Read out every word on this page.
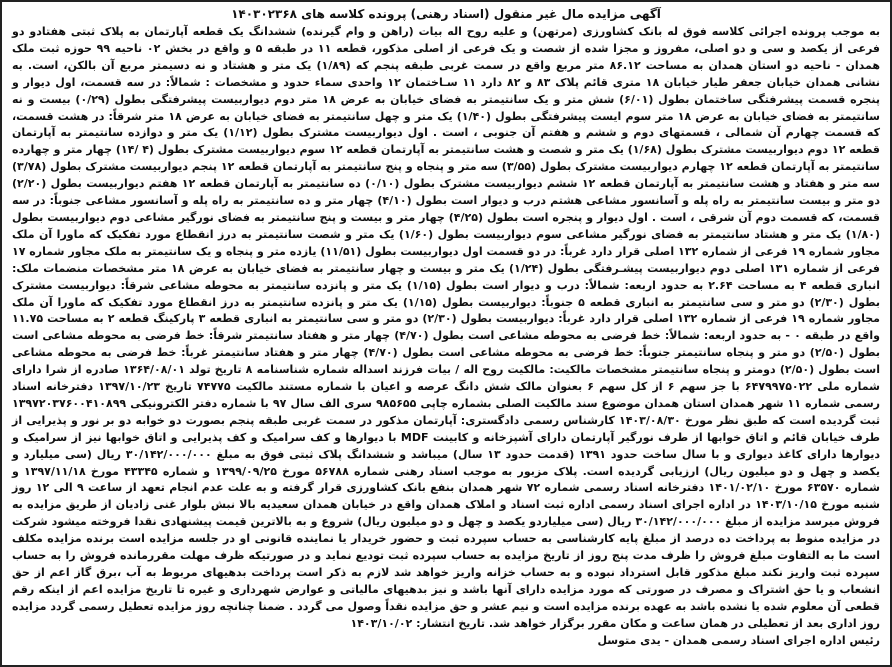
آگهی مزایده مال غیر منقول (اسناد رهنی) پرونده کلاسه های ۱۴۰۳۰۲۳۶۸

به موجب پرونده اجرائی کلاسه فوق له بانک کشاورزی (مرتهن) و علیه روح اله بیات (راهن و وام گیرنده) ششدانگ یک قطعه آپارتمان به پلاک ثبتی هفتادو دو فرعی از یکصد و سی و دو اصلی، مفروز و مجزا شده از شصت و یک فرعی از اصلی مذکور، قطعه ۱۱ در طبقه ۵ و واقع در بخش ۰۲ ناحیه ۹۹ حوزه ثبت ملک همدان - ناحیه دو استان همدان به مساحت ۸۶.۱۲ متر مربع واقع در سمت غربی طبقه پنجم که (۱/۸۹) یک متر و هشتاد و نه دسیمتر مربع آن بالکن، است. به نشانی همدان خیابان جعفر طیار خیابان ۱۸ متری قائم پلاک ۸۳ و ۸۲ دارد ۱۱ سـاختمان ۱۲ واحدی سماء حدود و مشخصات : شمالاً: در سه قسمت، اول دیوار و پنجره قسمت پیشرفتگی ساختمان بطول (۶/۰۱) شش متر و یک سانتیمتر به فضای خیابان به عرض ۱۸ متر دوم دیواربیست پیشرفتگی بطول (۰/۲۹) بیست و نه سانتیمتر به فضای خیابان به عرض ۱۸ متر سوم ایست پیشرفتگی بطول (۱/۴۰) یک متر و چهل سانتیمتر به فضای خیابان به عرض ۱۸ متر شرقاً: در هشت قسمت، که قسمت چهارم آن شمالی ، قسمتهای دوم و ششم و هفتم آن جنوبی ، است . اول دیواربیست مشترک بطول (۱/۱۲) یک متر و دوازده سانتیمتر به آپارتمان قطعه ۱۲ دوم دیواربیست مشترک بطول (۱/۶۸) یک متر و شصت و هشت سانتیمتر به آپارتمان قطعه ۱۲ سوم دیواربیست مشترک بطول (۴ /۱۴) چهار متر و چهارده سانتیمتر به آپارتمان قطعه ۱۲ چهارم دیواربیست مشترک بطول (۳/۵۵) سه متر و پنجاه و پنج سانتیمتر به آپارتمان قطعه ۱۲ پنجم دیواربیست مشترک بطول (۳/۷۸) سه متر و هفتاد و هشت سانتیمتر به آپارتمان قطعه ۱۲ ششم دیواربیست مشترک بطول (۰/۱۰) ده سانتیمتر به آپارتمان قطعه ۱۲ هفتم دیواربیست بطول (۲/۲۰) دو متر و بیست سانتیمتر به راه پله و آسانسور مشاعی هشتم درب و دیوار است بطول (۴/۱۰) چهار متر و ده سانتیمتر به راه پله و آسانسور مشاعی جنوباً: در سه قسمت، که قسمت دوم آن شرقی ، است . اول دیوار و پنجره است بطول (۴/۲۵) چهار متر و بیست و پنج سانتیمتر به فضای نورگیر مشاعی دوم دیواربیست بطول (۱/۸۰) یک متر و هشتاد سانتیمتر به فضای نورگیر مشاعی سوم دیواربیست بطول (۱/۶۰) یک متر و شصت سانتیمتر به درز انقطاع مورد تفکیک که ماورا آن ملک مجاور شماره ۱۹ فرعی از شماره ۱۳۲ اصلی قرار دارد غرباً: در دو قسمت اول دیواربیست بطول (۱۱/۵۱) یازده متر و پنجاه و یک سانتیمتر به ملک مجاور شماره ۱۷ فرعی از شماره ۱۳۱ اصلی دوم دیواربیست پیشـرفتگی بطول (۱/۲۴) یک متر و بیست و چهار سانتیمتر به فضای خیابان به عرض ۱۸ متر مشخصات منضمات ملک: انباری قطعه ۴ به مساحت ۲.۶۴ به حدود اربعه: شمالاً: درب و دیوار است بطول (۱/۱۵) یک متر و پانزده سانتیمتر به محوطه مشاعی شرقاً: دیواربیست مشترک بطول (۲/۳۰) دو متر و سی سانتیمتر به انباری قطعه ۵ جنوباً: دیواربیست بطول (۱/۱۵) یک متر و پانزده سانتیمتر به درز انقطاع مورد تفکیک که ماورا آن ملک مجاور شماره ۱۹ فرعی از شماره ۱۳۲ اصلی قرار دارد غرباً: دیواربیست بطول (۲/۳۰) دو متر و سی سانتیمتر به انباری قطعه ۳ پارکینگ قطعه ۲ به مساحت ۱۱.۷۵ واقع در طبقه ۰ - به حدود اربعه: شمالاً: خط فرضی به محوطه مشاعی است بطول (۴/۷۰) چهار متر و هفتاد سانتیمتر شرقاً: خط فرضی به محوطه مشاعی است بطول (۲/۵۰) دو متر و پنجاه سانتیمتر جنوباً: خط فرضی به محوطه مشاعی است بطول (۴/۷۰) چهار متر و هفتاد سانتیمتر غرباً: خط فرضی به محوطه مشاعی است بطول (۲/۵۰) دومتر و پنجاه سانتیمتر مشخصات مالکیت: مالکیت روح اله / بیات فرزند اسداله شماره شناسنامه ۸ تاریخ تولد ۱۳۶۴/۰۸/۰۱ صادره از شرا دارای شماره ملی ۶۴۷۹۹۷۵۰۲۲ با جز سهم ۶ از کل سهم ۶ بعنوان مالک شش دانگ عرصه و اعیان با شماره مستند مالکیت ۷۴۷۷۵ تاریخ ۱۳۹۷/۱۰/۲۳ دفترخانه اسناد رسمی شماره ۱۱ شهر همدان استان همدان موضوع سند مالکیت الصلی بشماره چاپی ۹۸۵۶۵۵ سری الف سال ۹۷ با شماره دفتر الکترونیکی ۱۳۹۷۲۰۳۷۶۰۰۴۱۰۸۹۹ ثبت گردیده است که طبق نظر مورخ ۱۴۰۳/۰۸/۳۰ کارشناس رسمی دادگستری: آپارتمان مذکور در سمت غربی طبقه پنجم بصورت دو خوابه دو بر نور و پذیرایی از طرف خیابان قائم و اتاق خوابها از طرف نورگیر آپارتمان دارای آشپزخانه و کابینت MDF با دیوارها و کف سرامیک و کف پذیرایی و اتاق خوابها نیز از سرامیک و دیوارها دارای کاغذ دیواری و با سال ساخت حدود ۱۳۹۱ (قدمت حدود ۱۳ سال) میباشد و ششدانگ پلاک ثبتی فوق به مبلغ ۳۰/۱۴۲/۰۰۰/۰۰۰ ریال (سی میلیارد و یکصد و چهل و دو میلیون ریال) ارزیابی گردیده است. پلاک مزبور به موجب اسناد رهنی شماره ۵۶۷۸۸ مورخ ۱۳۹۹/۰۹/۲۵ و شماره ۴۳۳۴۵ مورخ ۱۳۹۷/۱۱/۱۸ و شماره ۶۳۵۷۰ مورخ ۱۴۰۱/۰۲/۱۰ دفترخانه اسناد رسمی شماره ۷۲ شهر همدان بنفع بانک کشاورزی قرار گرفته و به علت عدم انجام تعهد از ساعت ۹ الی ۱۲ روز شنبه مورخ ۱۴۰۳/۱۰/۱۵ در اداره اجرای اسناد رسمی اداره ثبت اسناد و املاک همدان واقع در خیابان همدان سعیدیه بالا نبش بلوار غنی زادیان از طریق مزایده به فروش میرسد مزایده از مبلغ ۳۰/۱۴۲/۰۰۰/۰۰۰ ریال (سی میلیاردو یکصد و چهل و دو میلیون ریال) شروع و به بالاترین قیمت پیشنهادی نقدا فروخته میشود شرکت در مزایده منوط به پرداخت ده درصد از مبلغ پایه کارشناسی به حساب سپرده ثبت و حضور خریدار یا نماینده قانونی او در جلسه مزایده است برنده مزایده مکلف است ما به التفاوت مبلغ فروش را ظرف مدت پنج روز از تاریخ مزایده به حساب سپرده ثبت تودیع نماید و در صورتیکه ظرف مهلت مقررمانده فروش را به حساب سپرده ثبت واریز نکند مبلغ مذکور قابل استرداد نبوده و به حساب خزانه واریز خواهد شد لازم به ذکر است پرداخت بدهیهای مربوط به آب ،برق گاز اعم از حق انشعاب و یا حق اشتراک و مصرف در صورتی که مورد مزایده دارای آنها باشد و نیز بدهیهای مالیاتی و عوارض شهرداری و غیره تا تاریخ مزایده اعم از اینکه رقم قطعی آن معلوم شده یا نشده باشد به عهده برنده مزایده است و نیم عشر و حق مزایده نقداً وصول می گردد . ضمنا چنانچه روز مزایده تعطیل رسمی گردد مزایده روز اداری بعد از تعطیلی در همان ساعت و مکان مقرر برگزار خواهد شد. تاریخ انتشار: ۱۴۰۳/۱۰/۰۲

رئیس اداره اجرای اسناد رسمی همدان - یدی متوسل
